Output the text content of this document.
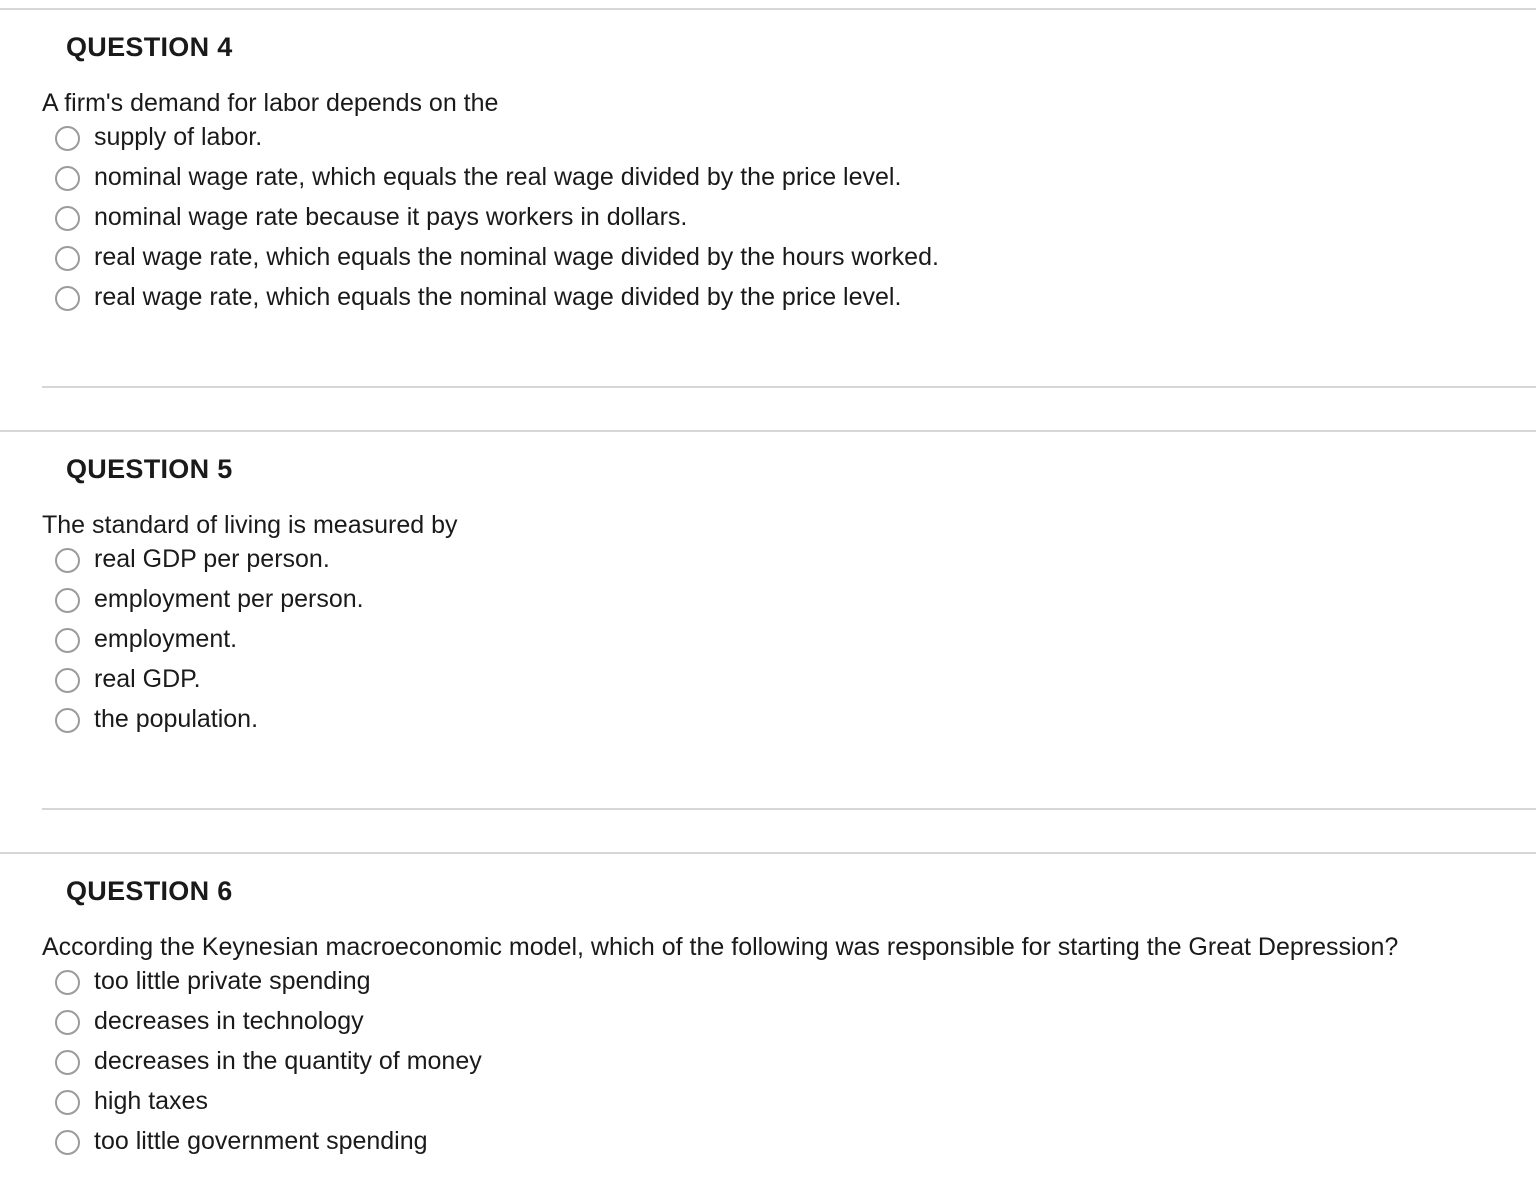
QUESTION 4
A firm's demand for labor depends on the
supply of labor.
nominal wage rate, which equals the real wage divided by the price level.
nominal wage rate because it pays workers in dollars.
real wage rate, which equals the nominal wage divided by the hours worked.
real wage rate, which equals the nominal wage divided by the price level.
QUESTION 5
The standard of living is measured by
real GDP per person.
employment per person.
employment.
real GDP.
the population.
QUESTION 6
According the Keynesian macroeconomic model, which of the following was responsible for starting the Great Depression?
too little private spending
decreases in technology
decreases in the quantity of money
high taxes
too little government spending
